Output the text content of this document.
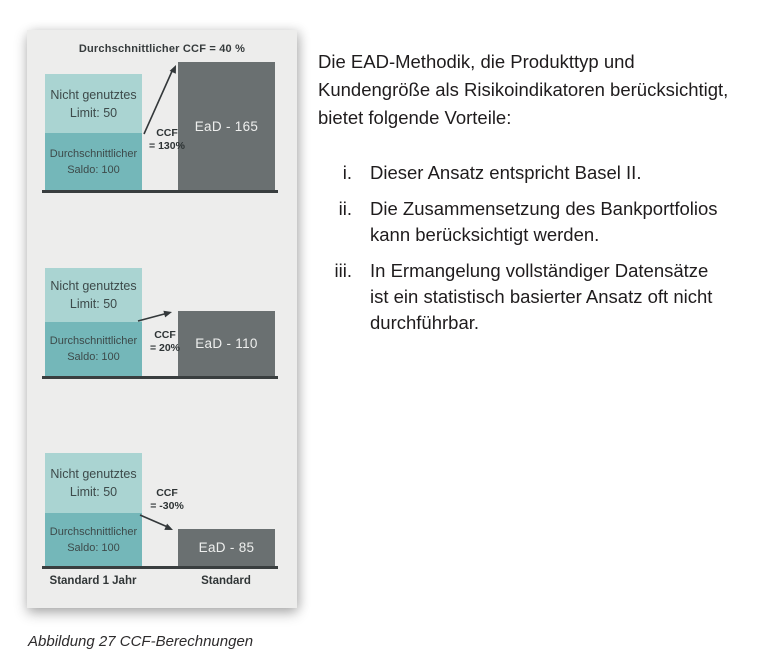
Durchschnittlicher CCF = 40 %
EaD - 165
Nicht genutztes
Limit: 50
Durchschnittlicher
Saldo: 100
CCF
= 130%
EaD - 110
Nicht genutztes
Limit: 50
Durchschnittlicher
Saldo: 100
CCF
= 20%
EaD - 85
Nicht genutztes
Limit: 50
Durchschnittlicher
Saldo: 100
CCF
= -30%
Standard 1 Jahr	Standard
Die EAD-Methodik, die Produkttyp und
Kundengröße als Risikoindikatoren berücksichtigt,
bietet folgende Vorteile:
i. Dieser Ansatz entspricht Basel II.
ii. Die Zusammensetzung des Bankportfolios
kann berücksichtigt werden.
iii. In Ermangelung vollständiger Datensätze
ist ein statistisch basierter Ansatz oft nicht
durchführbar.
Abbildung 27 CCF-Berechnungen
